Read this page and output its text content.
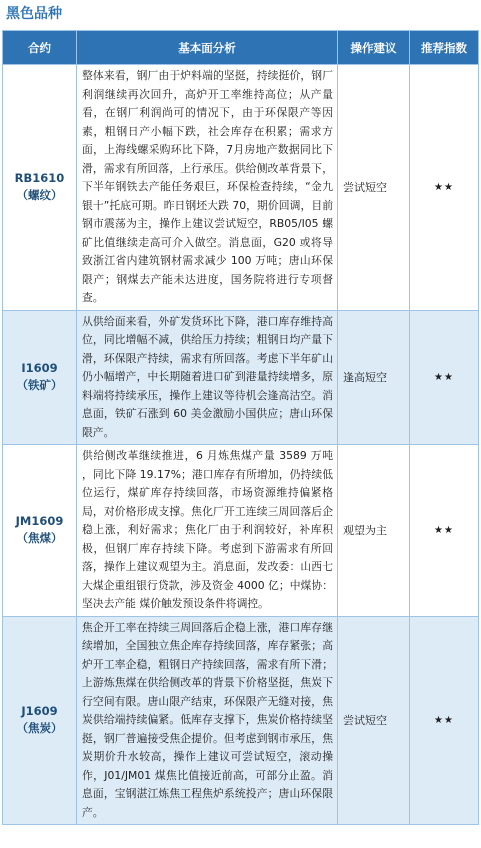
黑色品种
合约	基本面分析	操作建议	推荐指数

RB1610
（螺纹）	整体来看，钢厂由于炉料端的坚挺，持续挺价，钢厂利润继续再次回升，高炉开工率维持高位；从产量看，在钢厂利润尚可的情况下，由于环保限产等因素，粗钢日产小幅下跌，社会库存在积累；需求方面，上海线螺采购环比下降，7月房地产数据同比下滑，需求有所回落，上行承压。供给侧改革背景下，下半年钢铁去产能任务艰巨，环保检查持续，“金九银十”托底可期。昨日钢坯大跌 70，期价回调，目前钢市震荡为主，操作上建议尝试短空，RB05/I05 螺矿比值继续走高可介入做空。消息面，G20 或将导致浙江省内建筑钢材需求减少 100 万吨；唐山环保限产；钢煤去产能未达进度，国务院将进行专项督查。	尝试短空	★★

I1609
（铁矿）	从供给面来看，外矿发货环比下降，港口库存维持高位，同比增幅不减，供给压力持续；粗钢日均产量下滑，环保限产持续，需求有所回落。考虑下半年矿山仍小幅增产，中长期随着进口矿到港量持续增多，原料端将持续承压，操作上建议等待机会逢高沽空。消息面，铁矿石涨到 60 美金激励小国供应；唐山环保限产。	逢高短空	★★

JM1609
（焦煤）	供给侧改革继续推进，6 月炼焦煤产量 3589 万吨 ，同比下降 19.17%；港口库存有所增加，仍持续低位运行，煤矿库存持续回落，市场资源维持偏紧格局，对价格形成支撑。焦化厂开工连续三周回落后企稳上涨，利好需求；焦化厂由于利润较好，补库积极，但钢厂库存持续下降。考虑到下游需求有所回落，操作上建议观望为主。消息面，发改委：山西七大煤企重组银行贷款，涉及资金 4000 亿；中煤协：坚决去产能 煤价触发预设条件将调控。	观望为主	★★

J1609
（焦炭）	焦企开工率在持续三周回落后企稳上涨，港口库存继续增加，全国独立焦企库存持续回落，库存紧张；高炉开工率企稳，粗钢日产持续回落，需求有所下滑；上游炼焦煤在供给侧改革的背景下价格坚挺，焦炭下行空间有限。唐山限产结束，环保限产无缝对接，焦炭供给端持续偏紧。低库存支撑下，焦炭价格持续坚挺，钢厂普遍接受焦企提价。但考虑到钢市承压，焦炭期价升水较高，操作上建议可尝试短空，滚动操作，J01/JM01 煤焦比值接近前高，可部分止盈。消息面，宝钢湛江炼焦工程焦炉系统投产；唐山环保限产。	尝试短空	★★
